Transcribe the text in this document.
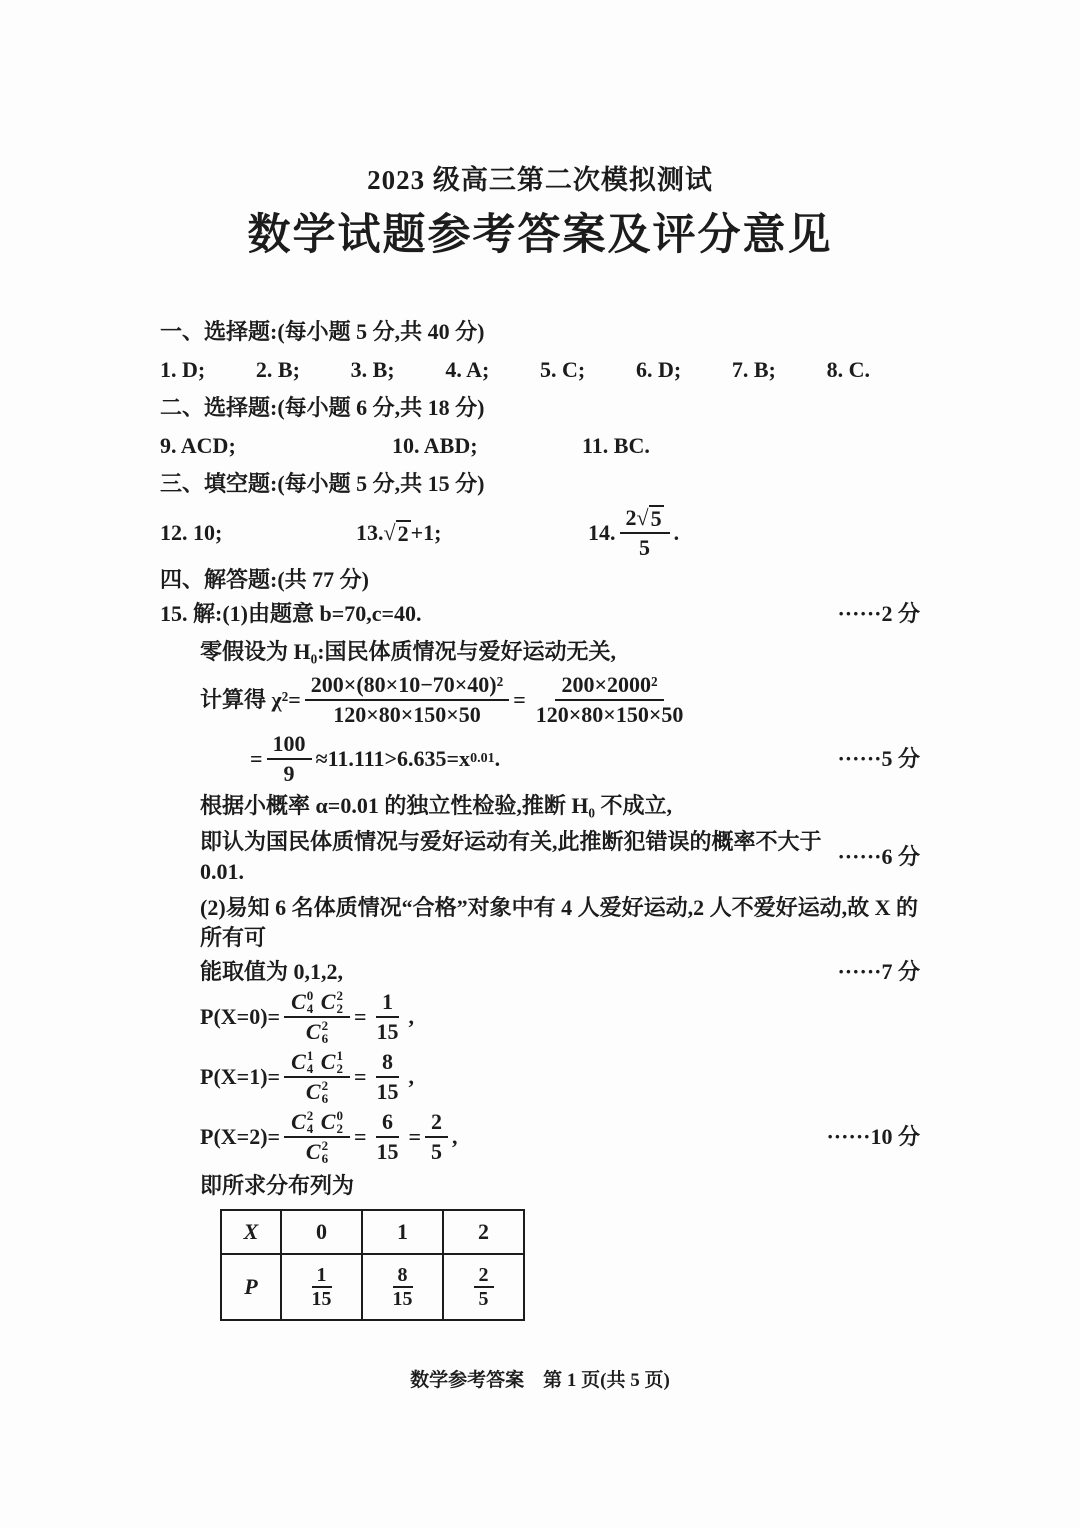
2023 级高三第二次模拟测试
数学试题参考答案及评分意见
一、选择题:(每小题 5 分,共 40 分)
1. D; 2. B; 3. B; 4. A; 5. C; 6. D; 7. B; 8. C.
二、选择题:(每小题 6 分,共 18 分)
9. ACD;	10. ABD;	11. BC.
三、填空题:(每小题 5 分,共 15 分)
12. 10;	13. √ 2 +1;	14. $\frac{2 √ 5}{5}$ .
四、解答题:(共 77 分)
15. 解:(1)由题意 b=70,c=40.	······2 分
零假设为 H₀:国民体质情况与爱好运动无关,
计算得 $\chi^2= \frac{\text{200×(80×10−70×40)²}}{120\times 80\times 150\times 50} = \frac{\text{200×2000²}}{120\times 80\times 150\times 50}$
= $\frac{100}{9} \approx 11.111>6.635=x$ 0.01 .	······5 分
根据小概率 α=0.01 的独立性检验,推断 H₀ 不成立,
即认为国民体质情况与爱好运动有关,此推断犯错误的概率不大于 0.01.
······6 分
(2)易知 6 名体质情况“合格”对象中有 4 人爱好运动,2 人不爱好运动,故 X 的所有可
能取值为 0,1,2,	······7 分
P(X=0)= C 0
4
C 2
2
C 2
$6 = \frac{1}{15}$ ,
P(X=1)= C 1
4
C 1
2
C 2
$6 = \frac{8}{15}$ ,
P(X=2)= C 2
4
C 0
2
C 2
$6 = \frac{6}{15} = \frac{2}{5}$ ,	······10 分
即所求分布列为
X	0	1	2
P	$\frac{1}{15}$	$\frac{8}{15}$	$\frac{2}{5}$
数学参考答案　第 1 页(共 5 页)
